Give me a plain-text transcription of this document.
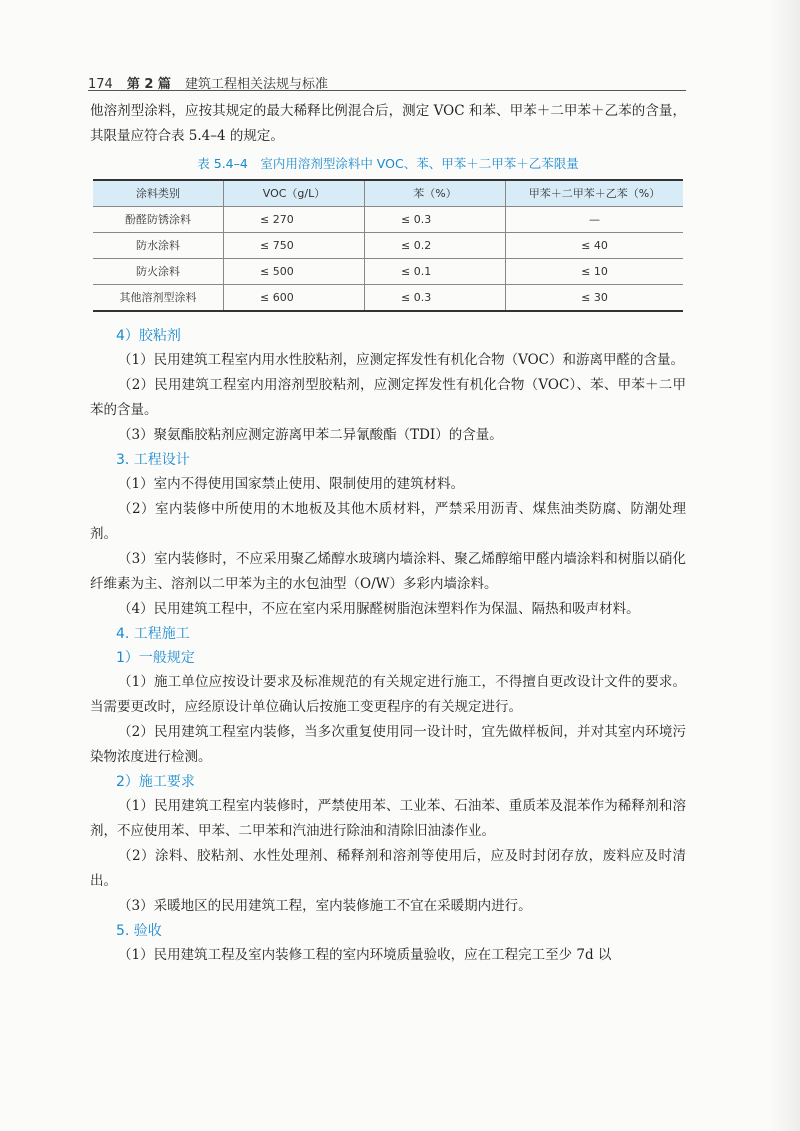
174 第 2 篇 建筑工程相关法规与标准

他溶剂型涂料，应按其规定的最大稀释比例混合后，测定 VOC 和苯、甲苯＋二甲苯＋乙苯的含量，其限量应符合表 5.4–4 的规定。

表 5.4–4　室内用溶剂型涂料中 VOC、苯、甲苯＋二甲苯＋乙苯限量
涂料类别	VOC（g/L）	苯（%）	甲苯＋二甲苯＋乙苯（%）
酚醛防锈涂料	≤ 270	≤ 0.3	—
防水涂料	≤ 750	≤ 0.2	≤ 40
防火涂料	≤ 500	≤ 0.1	≤ 10
其他溶剂型涂料	≤ 600	≤ 0.3	≤ 30
4）胶粘剂

（1）民用建筑工程室内用水性胶粘剂，应测定挥发性有机化合物（VOC）和游离甲醛的含量。

（2）民用建筑工程室内用溶剂型胶粘剂，应测定挥发性有机化合物（VOC）、苯、甲苯＋二甲苯的含量。

（3）聚氨酯胶粘剂应测定游离甲苯二异氰酸酯（TDI）的含量。

3. 工程设计

（1）室内不得使用国家禁止使用、限制使用的建筑材料。

（2）室内装修中所使用的木地板及其他木质材料，严禁采用沥青、煤焦油类防腐、防潮处理剂。

（3）室内装修时，不应采用聚乙烯醇水玻璃内墙涂料、聚乙烯醇缩甲醛内墙涂料和树脂以硝化纤维素为主、溶剂以二甲苯为主的水包油型（O/W）多彩内墙涂料。

（4）民用建筑工程中，不应在室内采用脲醛树脂泡沫塑料作为保温、隔热和吸声材料。

4. 工程施工
1）一般规定

（1）施工单位应按设计要求及标准规范的有关规定进行施工，不得擅自更改设计文件的要求。当需要更改时，应经原设计单位确认后按施工变更程序的有关规定进行。

（2）民用建筑工程室内装修，当多次重复使用同一设计时，宜先做样板间，并对其室内环境污染物浓度进行检测。

2）施工要求

（1）民用建筑工程室内装修时，严禁使用苯、工业苯、石油苯、重质苯及混苯作为稀释剂和溶剂，不应使用苯、甲苯、二甲苯和汽油进行除油和清除旧油漆作业。

（2）涂料、胶粘剂、水性处理剂、稀释剂和溶剂等使用后，应及时封闭存放，废料应及时清出。

（3）采暖地区的民用建筑工程，室内装修施工不宜在采暖期内进行。

5. 验收

（1）民用建筑工程及室内装修工程的室内环境质量验收，应在工程完工至少 7d 以
